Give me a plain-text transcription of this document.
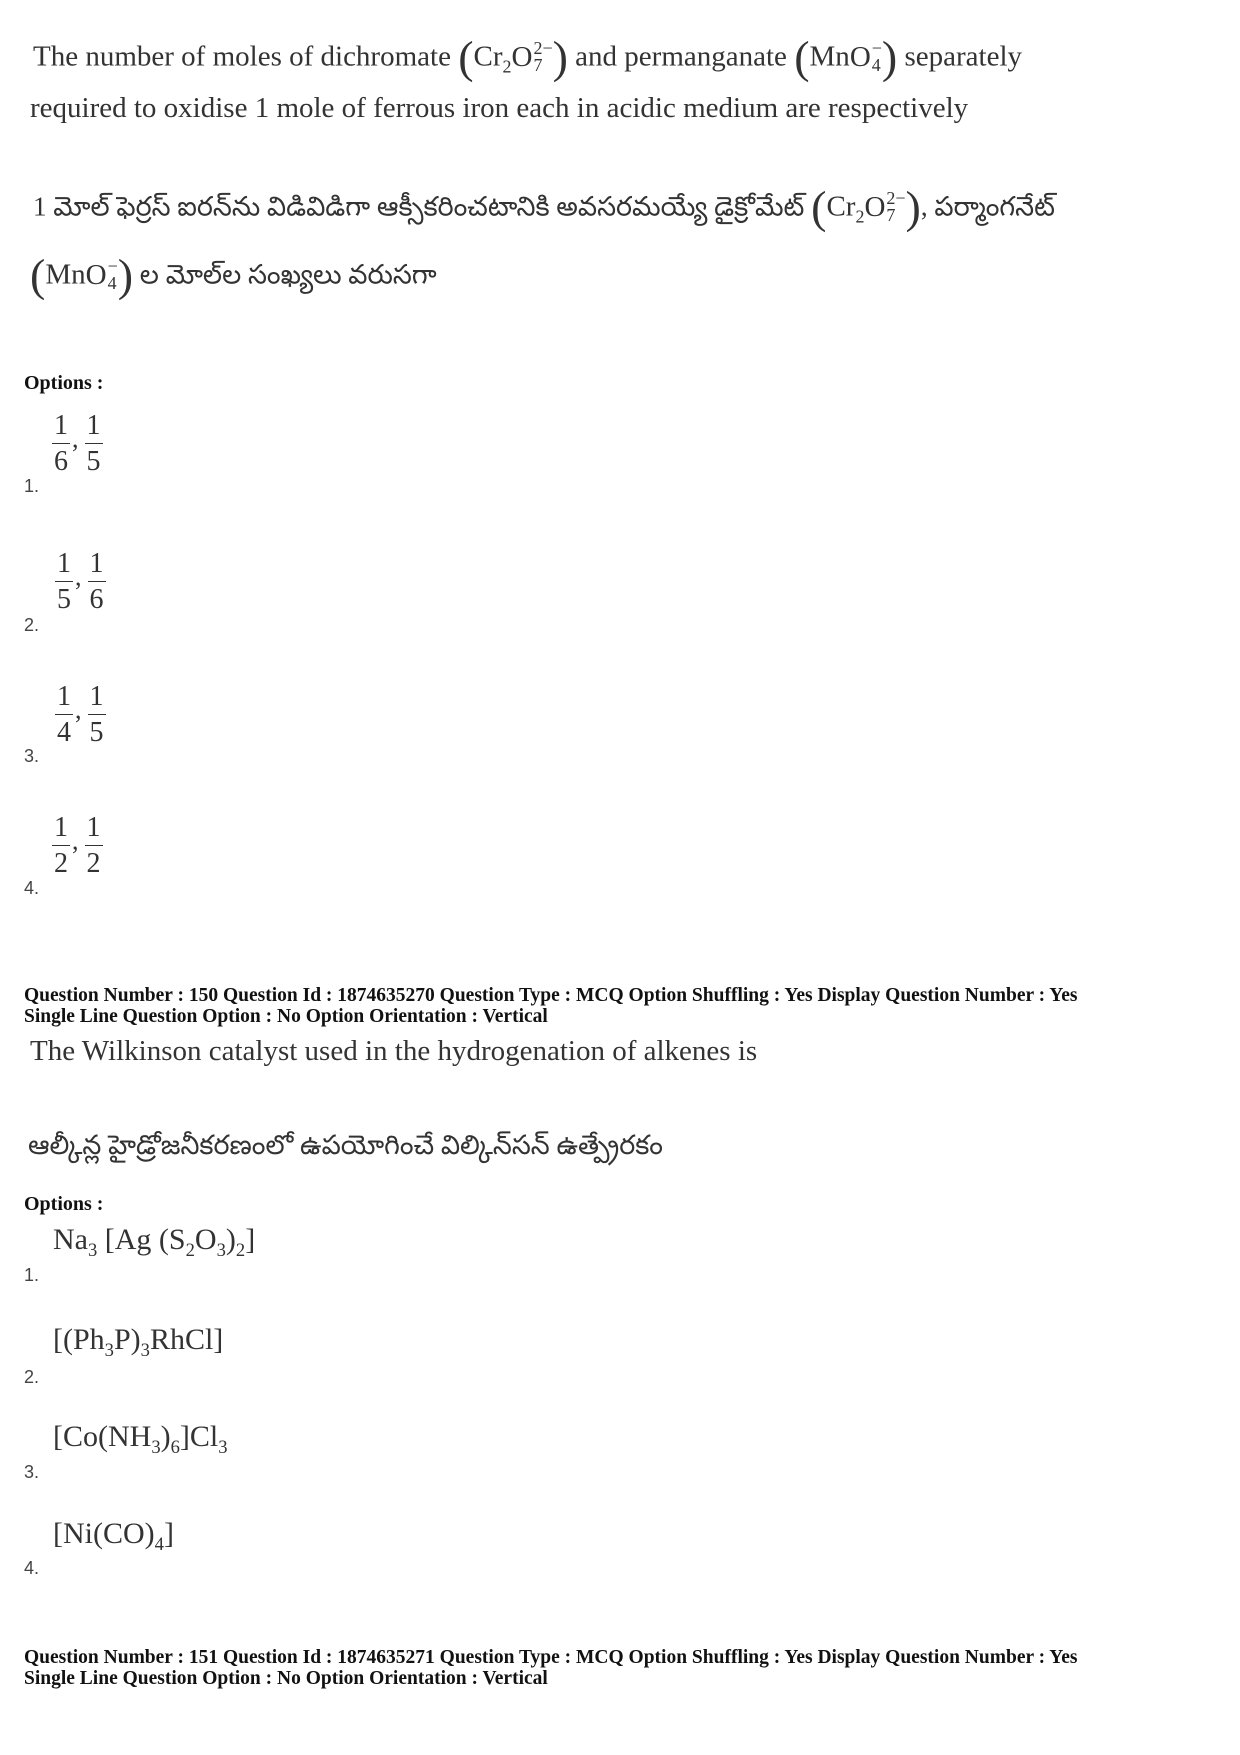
The number of moles of dichromate ($Cr_2O$ 2−
7 ) and permanganate (MnO −
4 ) separately
required to oxidise 1 mole of ferrous iron each in acidic medium are respectively
1 మోల్ ఫెర్రస్ ఐరన్‌ను విడివిడిగా ఆక్సీకరించటానికి అవసరమయ్యే డైక్రోమేట్ ($Cr_2O$ 2−
7 ), పర్మాంగనేట్
(MnO −
4 ) ల మోల్‌ల సంఖ్యలు వరుసగా
Options :
1.
$\frac{1}{6}$ , $\frac{1}{5}$
2.
$\frac{1}{5}$ , $\frac{1}{6}$
3.
$\frac{1}{4}$ , $\frac{1}{5}$
4.
$\frac{1}{2}$ , $\frac{1}{2}$
Question Number : 150 Question Id : 1874635270 Question Type : MCQ Option Shuffling : Yes Display Question Number : Yes
Single Line Question Option : No Option Orientation : Vertical
The Wilkinson catalyst used in the hydrogenation of alkenes is
ఆల్కీన్ల హైడ్రోజనీకరణంలో ఉపయోగించే విల్కిన్‌సన్ ఉత్ప్రేరకం
Options :
1.
$Na_3$ [Ag $(S_2O_3)_2$]
2.
$[(Ph_3P)_3RhCl]$
3.
$[Co(NH_3)_6]Cl_3$
4.
$[Ni(CO)_4]$
Question Number : 151 Question Id : 1874635271 Question Type : MCQ Option Shuffling : Yes Display Question Number : Yes
Single Line Question Option : No Option Orientation : Vertical
